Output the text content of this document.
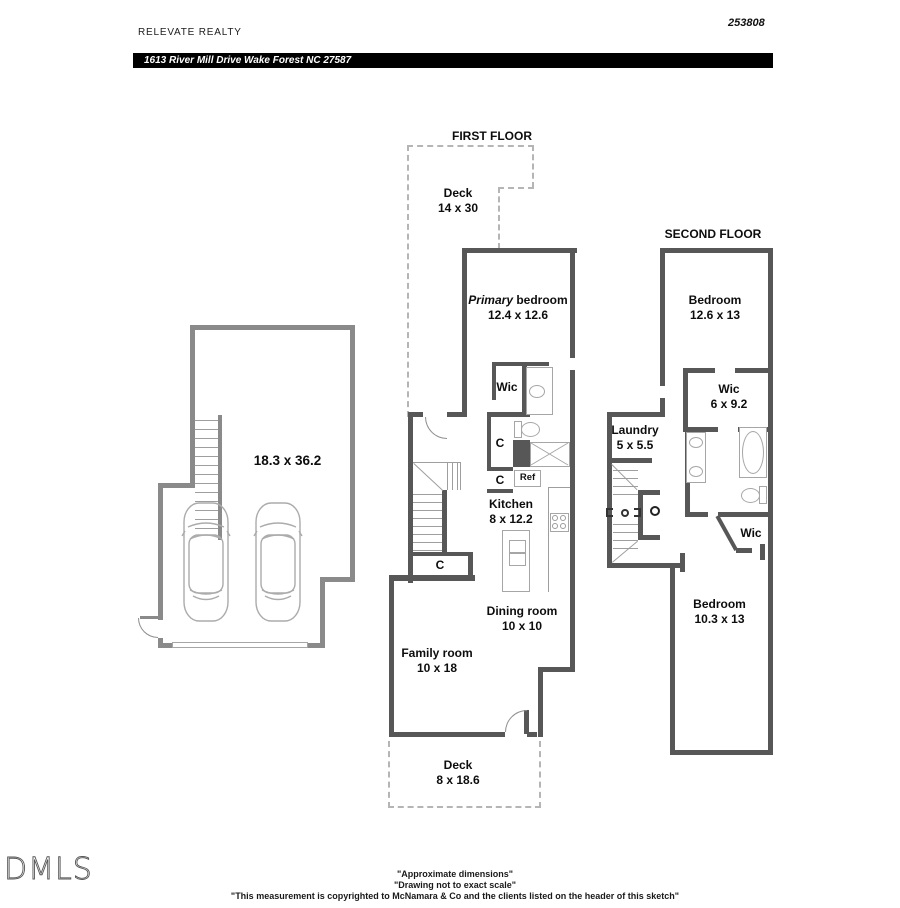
RELEVATE REALTY
253808
1613 River Mill Drive Wake Forest NC 27587
18.3 x 36.2
FIRST FLOOR
Deck
14 x 30
Ref
Primary bedroom
12.4 x 12.6
Wic
C
C
C
Kitchen
8 x 12.2
Dining room
10 x 10
Family room
10 x 18
Deck
8 x 18.6
SECOND FLOOR
Bedroom
12.6 x 13
Wic
6 x 9.2
Laundry
5 x 5.5
Wic
Bedroom
10.3 x 13
DMLS	"Approximate dimensions"
"Drawing not to exact scale"
"This measurement is copyrighted to McNamara & Co and the clients listed on the header of this sketch"
